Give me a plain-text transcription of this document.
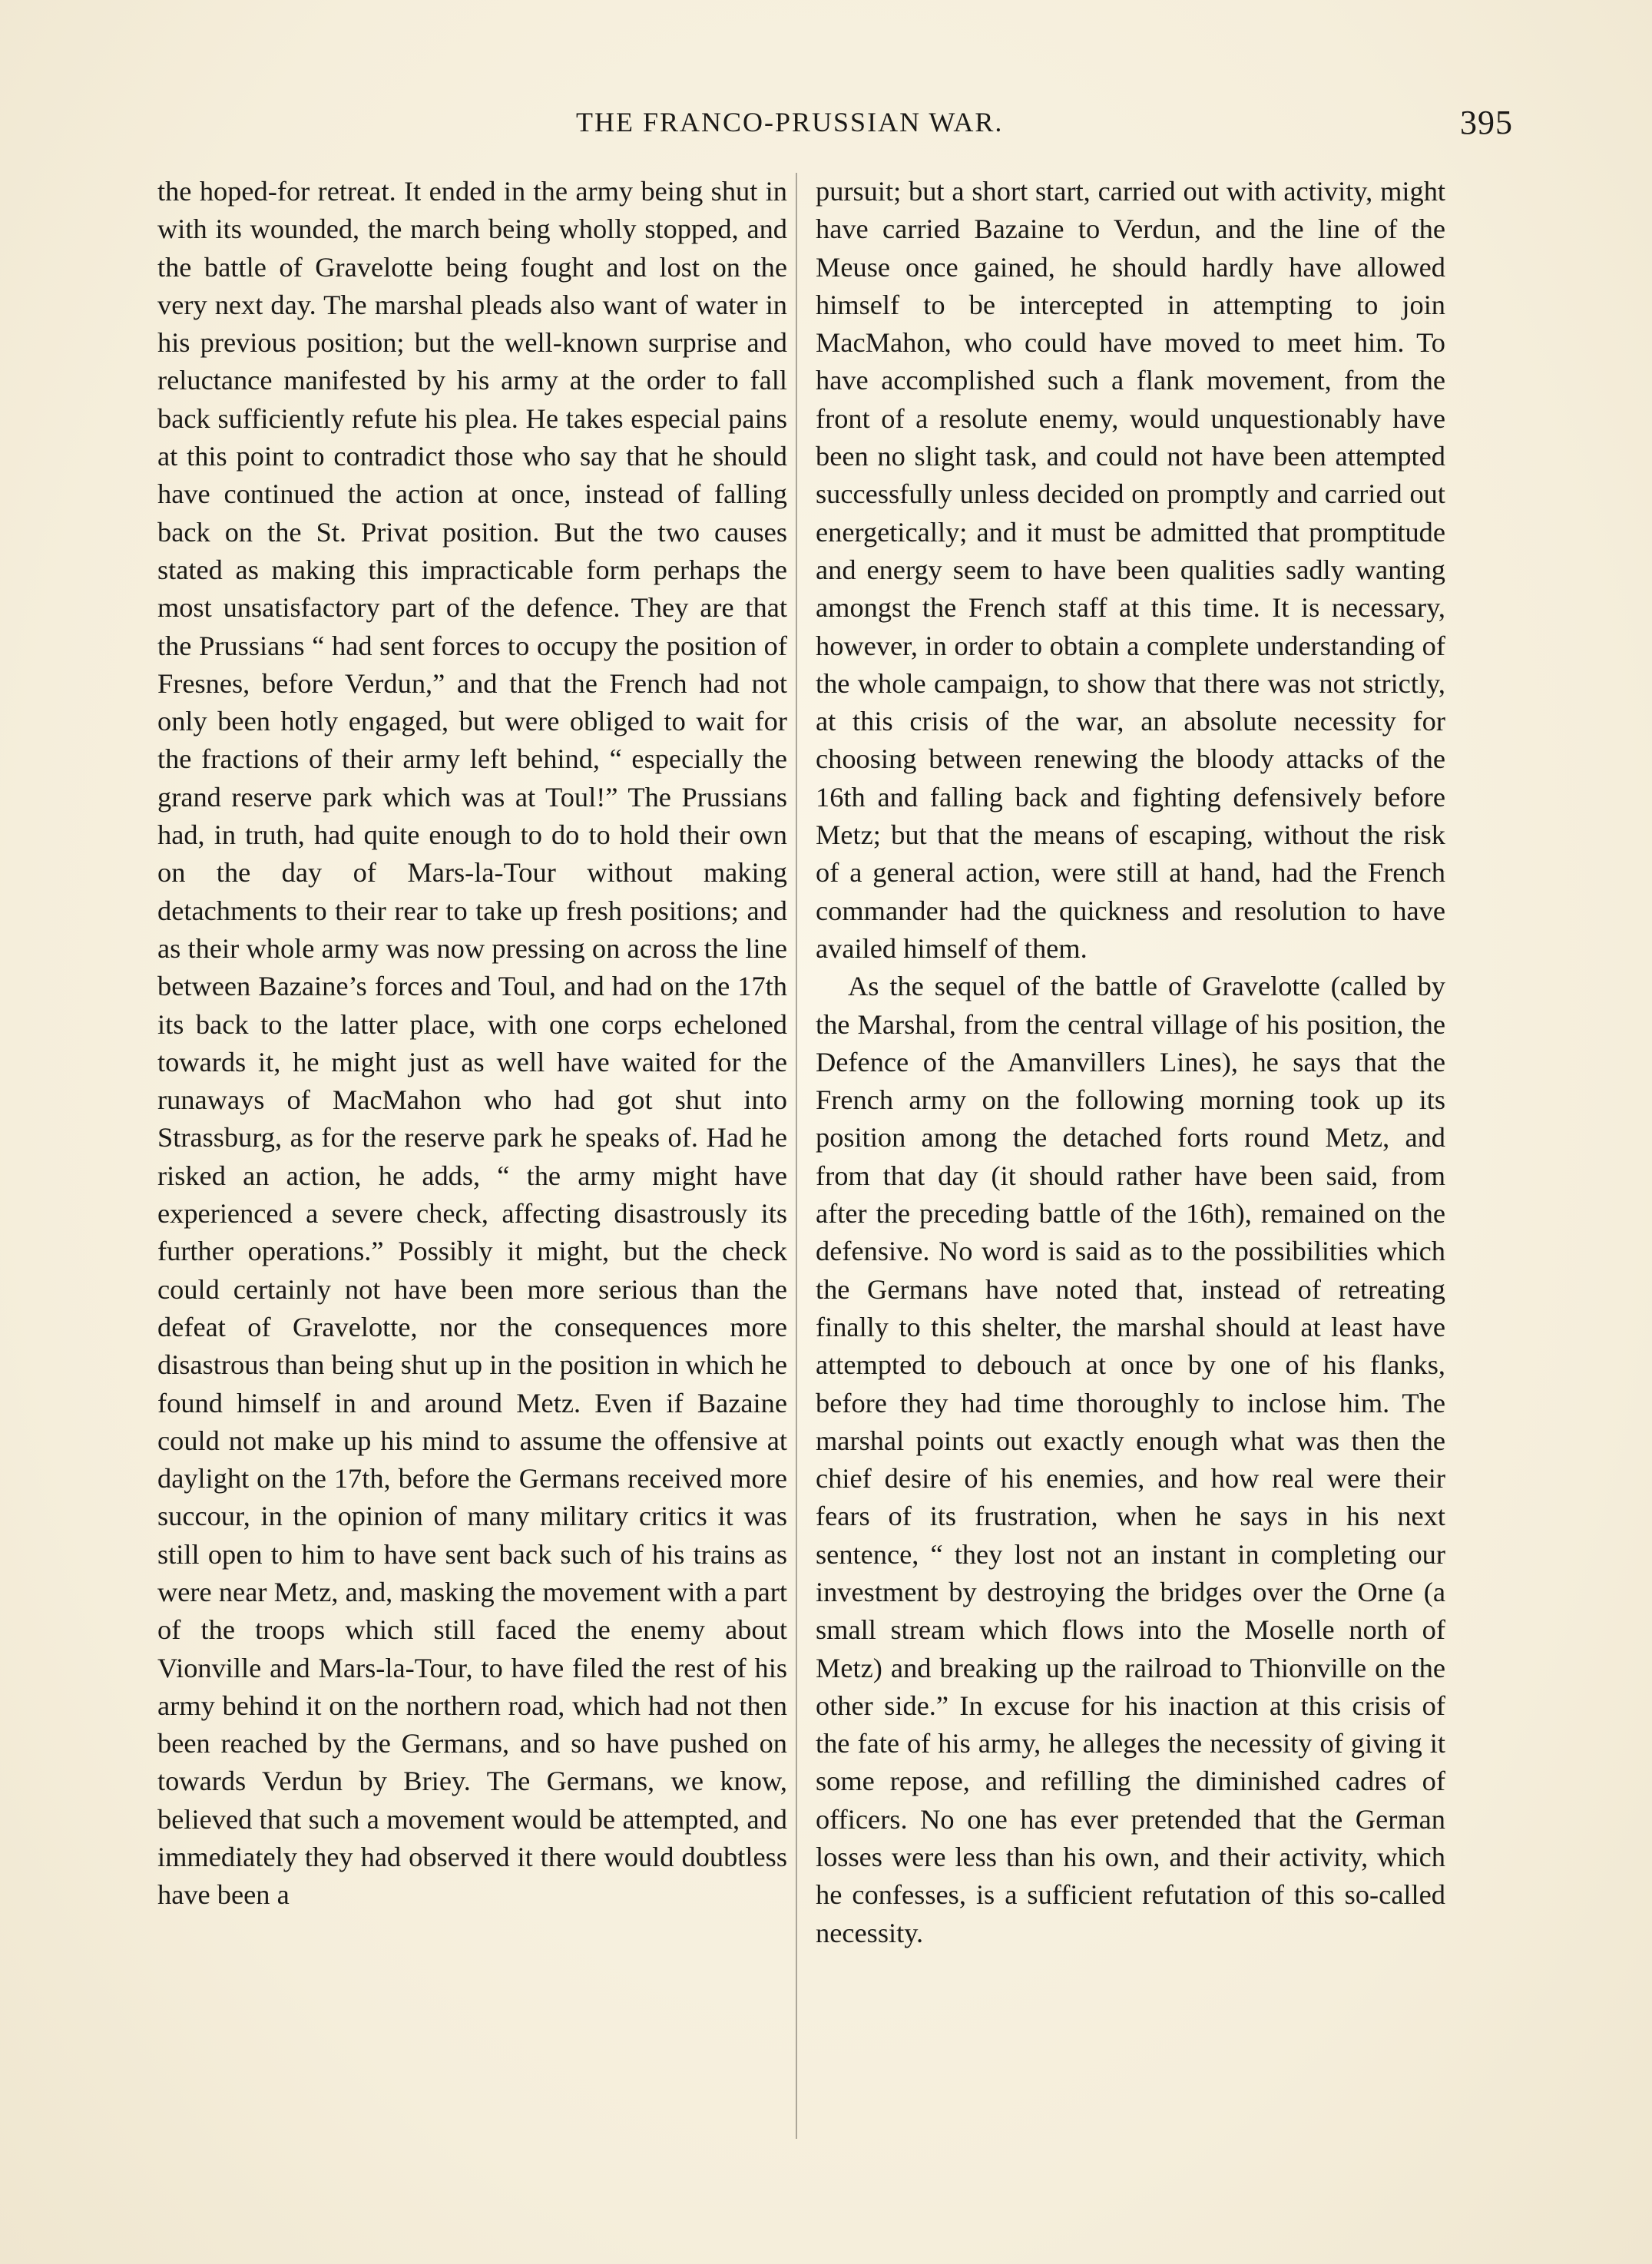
THE FRANCO-PRUSSIAN WAR.	395

the hoped-for retreat. It ended in the army being shut in with its wounded, the march being wholly stopped, and the battle of Gravelotte being fought and lost on the very next day. The marshal pleads also want of water in his previous position; but the well-known surprise and reluctance manifested by his army at the order to fall back sufficiently refute his plea. He takes especial pains at this point to contradict those who say that he should have continued the action at once, instead of falling back on the St. Privat position. But the two causes stated as making this impracticable form perhaps the most unsatisfactory part of the defence. They are that the Prussians “ had sent forces to occupy the position of Fresnes, before Verdun,” and that the French had not only been hotly engaged, but were obliged to wait for the fractions of their army left behind, “ especially the grand reserve park which was at Toul!” The Prussians had, in truth, had quite enough to do to hold their own on the day of Mars-la-Tour without making detachments to their rear to take up fresh positions; and as their whole army was now pressing on across the line between Bazaine’s forces and Toul, and had on the 17th its back to the latter place, with one corps echeloned towards it, he might just as well have waited for the runaways of MacMahon who had got shut into Strassburg, as for the reserve park he speaks of. Had he risked an action, he adds, “ the army might have experienced a severe check, affecting disastrously its further operations.” Possibly it might, but the check could certainly not have been more serious than the defeat of Gravelotte, nor the consequences more disastrous than being shut up in the position in which he found himself in and around Metz. Even if Bazaine could not make up his mind to assume the offensive at daylight on the 17th, before the Germans received more succour, in the opinion of many military critics it was still open to him to have sent back such of his trains as were near Metz, and, masking the movement with a part of the troops which still faced the enemy about Vionville and Mars-la-Tour, to have filed the rest of his army behind it on the northern road, which had not then been reached by the Germans, and so have pushed on towards Verdun by Briey. The Germans, we know, believed that such a movement would be attempted, and immediately they had observed it there would doubtless have been a

pursuit; but a short start, carried out with activity, might have carried Bazaine to Verdun, and the line of the Meuse once gained, he should hardly have allowed himself to be intercepted in attempting to join MacMahon, who could have moved to meet him. To have accomplished such a flank movement, from the front of a resolute enemy, would unquestionably have been no slight task, and could not have been attempted successfully unless decided on promptly and carried out energetically; and it must be admitted that promptitude and energy seem to have been qualities sadly wanting amongst the French staff at this time. It is necessary, however, in order to obtain a complete understanding of the whole campaign, to show that there was not strictly, at this crisis of the war, an absolute necessity for choosing between renewing the bloody attacks of the 16th and falling back and fighting defensively before Metz; but that the means of escaping, without the risk of a general action, were still at hand, had the French commander had the quickness and resolution to have availed himself of them.

As the sequel of the battle of Gravelotte (called by the Marshal, from the central village of his position, the Defence of the Amanvillers Lines), he says that the French army on the following morning took up its position among the detached forts round Metz, and from that day (it should rather have been said, from after the preceding battle of the 16th), remained on the defensive. No word is said as to the possibilities which the Germans have noted that, instead of retreating finally to this shelter, the marshal should at least have attempted to debouch at once by one of his flanks, before they had time thoroughly to inclose him. The marshal points out exactly enough what was then the chief desire of his enemies, and how real were their fears of its frustration, when he says in his next sentence, “ they lost not an instant in completing our investment by destroying the bridges over the Orne (a small stream which flows into the Moselle north of Metz) and breaking up the railroad to Thionville on the other side.” In excuse for his inaction at this crisis of the fate of his army, he alleges the necessity of giving it some repose, and refilling the diminished cadres of officers. No one has ever pretended that the German losses were less than his own, and their activity, which he confesses, is a sufficient refutation of this so-called necessity.
